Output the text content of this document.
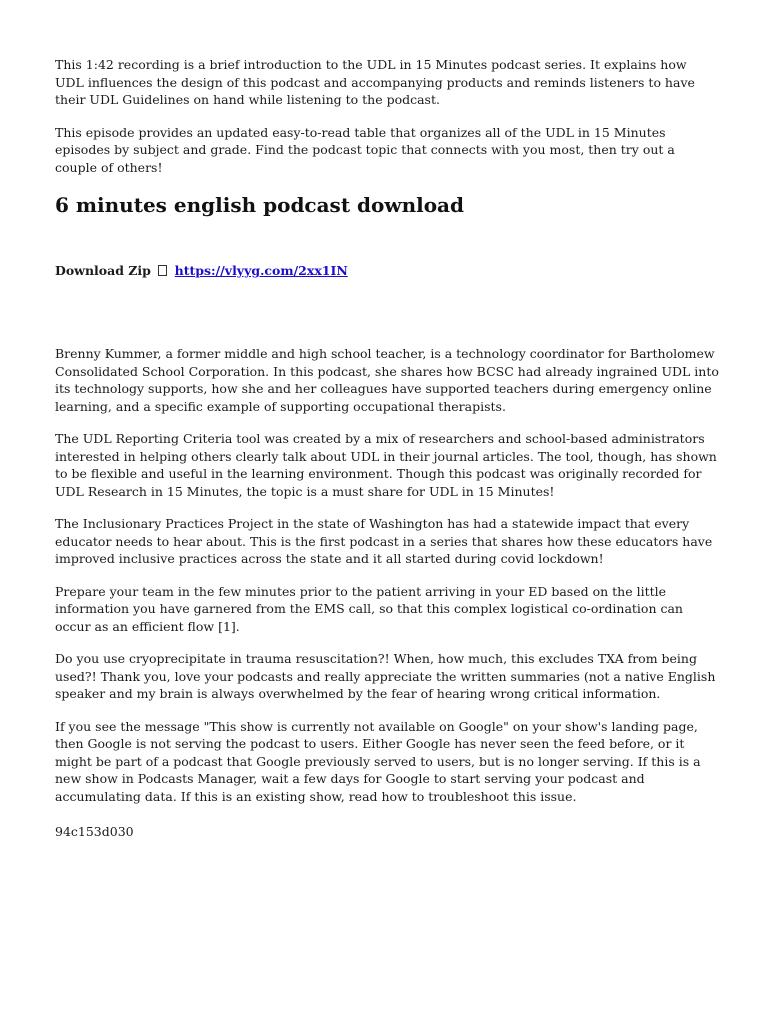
This 1:42 recording is a brief introduction to the UDL in 15 Minutes podcast series. It explains how UDL influences the design of this podcast and accompanying products and reminds listeners to have their UDL Guidelines on hand while listening to the podcast.

This episode provides an updated easy-to-read table that organizes all of the UDL in 15 Minutes episodes by subject and grade. Find the podcast topic that connects with you most, then try out a couple of others!

6 minutes english podcast download
Download Zip https://vlyyg.com/2xx1IN

Brenny Kummer, a former middle and high school teacher, is a technology coordinator for Bartholomew Consolidated School Corporation. In this podcast, she shares how BCSC had already ingrained UDL into its technology supports, how she and her colleagues have supported teachers during emergency online learning, and a specific example of supporting occupational therapists.

The UDL Reporting Criteria tool was created by a mix of researchers and school-based administrators interested in helping others clearly talk about UDL in their journal articles. The tool, though, has shown to be flexible and useful in the learning environment. Though this podcast was originally recorded for UDL Research in 15 Minutes, the topic is a must share for UDL in 15 Minutes!

The Inclusionary Practices Project in the state of Washington has had a statewide impact that every educator needs to hear about. This is the first podcast in a series that shares how these educators have improved inclusive practices across the state and it all started during covid lockdown!

Prepare your team in the few minutes prior to the patient arriving in your ED based on the little information you have garnered from the EMS call, so that this complex logistical co-ordination can occur as an efficient flow [1].

Do you use cryoprecipitate in trauma resuscitation?! When, how much, this excludes TXA from being used?! Thank you, love your podcasts and really appreciate the written summaries (not a native English speaker and my brain is always overwhelmed by the fear of hearing wrong critical information.

If you see the message "This show is currently not available on Google" on your show's landing page, then Google is not serving the podcast to users. Either Google has never seen the feed before, or it might be part of a podcast that Google previously served to users, but is no longer serving. If this is a new show in Podcasts Manager, wait a few days for Google to start serving your podcast and accumulating data. If this is an existing show, read how to troubleshoot this issue.

94c153d030
